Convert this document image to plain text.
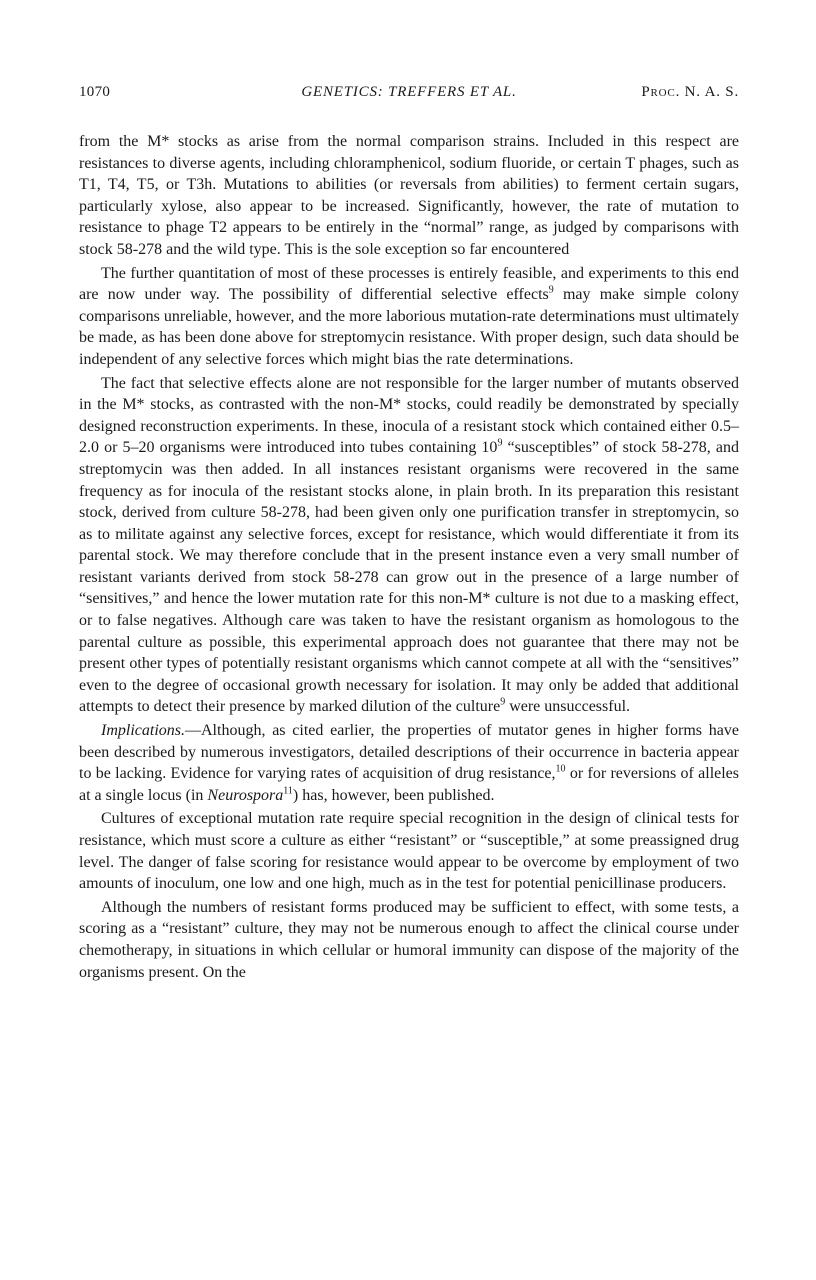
1070	GENETICS: TREFFERS ET AL.	Proc. N. A. S.

from the M* stocks as arise from the normal comparison strains. Included in this respect are resistances to diverse agents, including chloramphenicol, sodium fluoride, or certain T phages, such as T1, T4, T5, or T3h. Mutations to abilities (or reversals from abilities) to ferment certain sugars, particularly xylose, also appear to be increased. Significantly, however, the rate of mutation to resistance to phage T2 appears to be entirely in the “normal” range, as judged by comparisons with stock 58-278 and the wild type. This is the sole exception so far encountered

The further quantitation of most of these processes is entirely feasible, and experiments to this end are now under way. The possibility of differential selective effects$^9$ may make simple colony comparisons unreliable, however, and the more laborious mutation-rate determinations must ultimately be made, as has been done above for streptomycin resistance. With proper design, such data should be independent of any selective forces which might bias the rate determinations.

The fact that selective effects alone are not responsible for the larger number of mutants observed in the M* stocks, as contrasted with the non-M* stocks, could readily be demonstrated by specially designed reconstruction experiments. In these, inocula of a resistant stock which contained either 0.5–2.0 or 5–20 organisms were introduced into tubes containing $10^9$ “susceptibles” of stock 58-278, and streptomycin was then added. In all instances resistant organisms were recovered in the same frequency as for inocula of the resistant stocks alone, in plain broth. In its preparation this resistant stock, derived from culture 58-278, had been given only one purification transfer in streptomycin, so as to militate against any selective forces, except for resistance, which would differentiate it from its parental stock. We may therefore conclude that in the present instance even a very small number of resistant variants derived from stock 58-278 can grow out in the presence of a large number of “sensitives,” and hence the lower mutation rate for this non-M* culture is not due to a masking effect, or to false negatives. Although care was taken to have the resistant organism as homologous to the parental culture as possible, this experimental approach does not guarantee that there may not be present other types of potentially resistant organisms which cannot compete at all with the “sensitives” even to the degree of occasional growth necessary for isolation. It may only be added that additional attempts to detect their presence by marked dilution of the culture$^9$ were unsuccessful.

Implications.—Although, as cited earlier, the properties of mutator genes in higher forms have been described by numerous investigators, detailed descriptions of their occurrence in bacteria appear to be lacking. Evidence for varying rates of acquisition of drug resistance,$^{10}$ or for reversions of alleles at a single locus (in Neurospora$^{11}$) has, however, been published.

Cultures of exceptional mutation rate require special recognition in the design of clinical tests for resistance, which must score a culture as either “resistant” or “susceptible,” at some preassigned drug level. The danger of false scoring for resistance would appear to be overcome by employment of two amounts of inoculum, one low and one high, much as in the test for potential penicillinase producers.

Although the numbers of resistant forms produced may be sufficient to effect, with some tests, a scoring as a “resistant” culture, they may not be numerous enough to affect the clinical course under chemotherapy, in situations in which cellular or humoral immunity can dispose of the majority of the organisms present. On the
